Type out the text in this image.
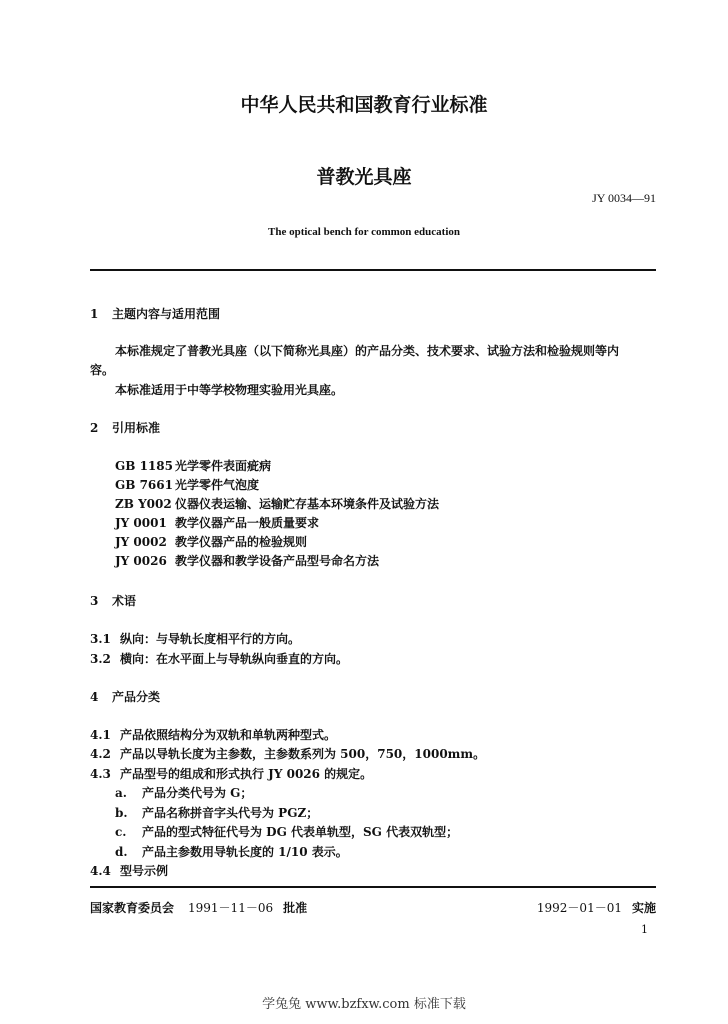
中华人民共和国教育行业标准
普教光具座
JY 0034—91
The optical bench for common education
1 主题内容与适用范围
本标准规定了普教光具座（以下简称光具座）的产品分类、技术要求、试验方法和检验规则等内
容。
本标准适用于中等学校物理实验用光具座。
2 引用标准
GB 1185 光学零件表面疵病
GB 7661 光学零件气泡度
ZB Y002 仪器仪表运输、运输贮存基本环境条件及试验方法
JY 0001 教学仪器产品一般质量要求
JY 0002 教学仪器产品的检验规则
JY 0026 教学仪器和教学设备产品型号命名方法
3 术语
3.1 纵向：与导轨长度相平行的方向。
3.2 横向：在水平面上与导轨纵向垂直的方向。
4 产品分类
4.1 产品依照结构分为双轨和单轨两种型式。
4.2 产品以导轨长度为主参数，主参数系列为 500，750，1000mm。
4.3 产品型号的组成和形式执行 JY 0026 的规定。
a. 产品分类代号为 G；
b. 产品名称拼音字头代号为 PGZ；
c. 产品的型式特征代号为 DG 代表单轨型，SG 代表双轨型；
d. 产品主参数用导轨长度的 1/10 表示。
4.4 型号示例
国家教育委员会 1991－11－06 批准	1992－01－01 实施
1
学兔兔 www.bzfxw.com 标准下载
